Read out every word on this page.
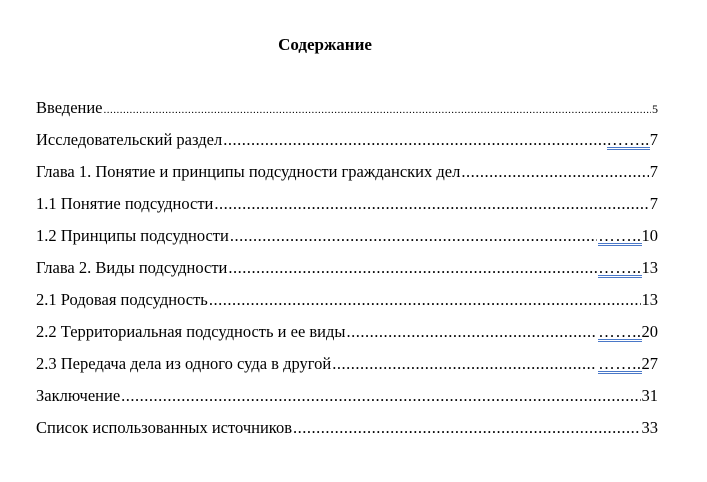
Содержание
Введение .....	5
Исследовательский раздел .....	…….. 7
Глава 1. Понятие и принципы подсудности гражданских дел .....	7
1.1 Понятие подсудности .....	7
1.2 Принципы подсудности .....	…….. 10
Глава 2. Виды подсудности .....	…….. 13
2.1 Родовая подсудность .....	13
2.2 Территориальная подсудность и ее виды .....	…….. 20
2.3 Передача дела из одного суда в другой .....	…….. 27
Заключение .....	31
Список использованных источников .....	33
